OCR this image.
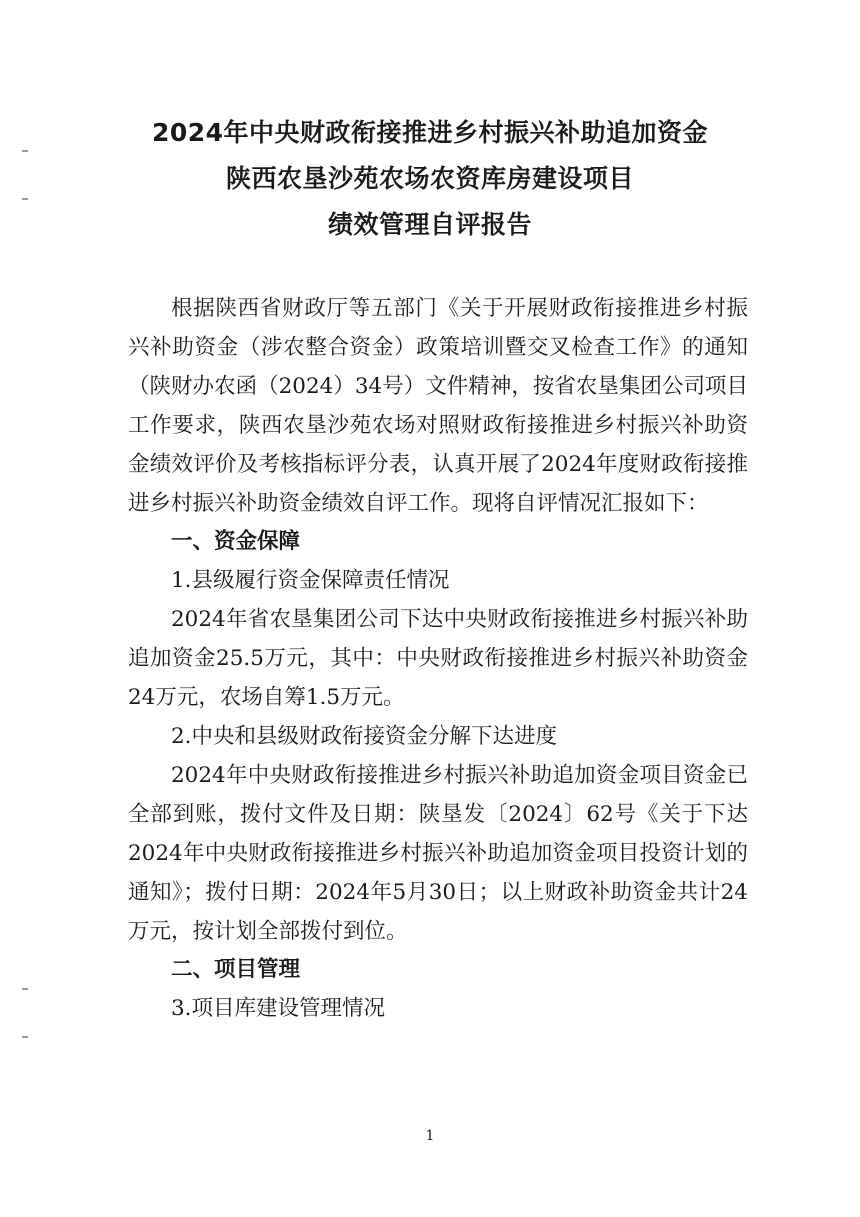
2024年中央财政衔接推进乡村振兴补助追加资金
陕西农垦沙苑农场农资库房建设项目
绩效管理自评报告

根据陕西省财政厅等五部门《关于开展财政衔接推进乡村振兴补助资金（涉农整合资金）政策培训暨交叉检查工作》的通知（陕财办农函（2024）34号）文件精神，按省农垦集团公司项目工作要求，陕西农垦沙苑农场对照财政衔接推进乡村振兴补助资金绩效评价及考核指标评分表，认真开展了2024年度财政衔接推进乡村振兴补助资金绩效自评工作。现将自评情况汇报如下：

一、资金保障

1.县级履行资金保障责任情况

2024年省农垦集团公司下达中央财政衔接推进乡村振兴补助追加资金25.5万元，其中：中央财政衔接推进乡村振兴补助资金24万元，农场自筹1.5万元。

2.中央和县级财政衔接资金分解下达进度

2024年中央财政衔接推进乡村振兴补助追加资金项目资金已全部到账，拨付文件及日期：陕垦发〔2024〕62号《关于下达2024年中央财政衔接推进乡村振兴补助追加资金项目投资计划的通知》；拨付日期：2024年5月30日；以上财政补助资金共计24万元，按计划全部拨付到位。

二、项目管理

3.项目库建设管理情况

1
